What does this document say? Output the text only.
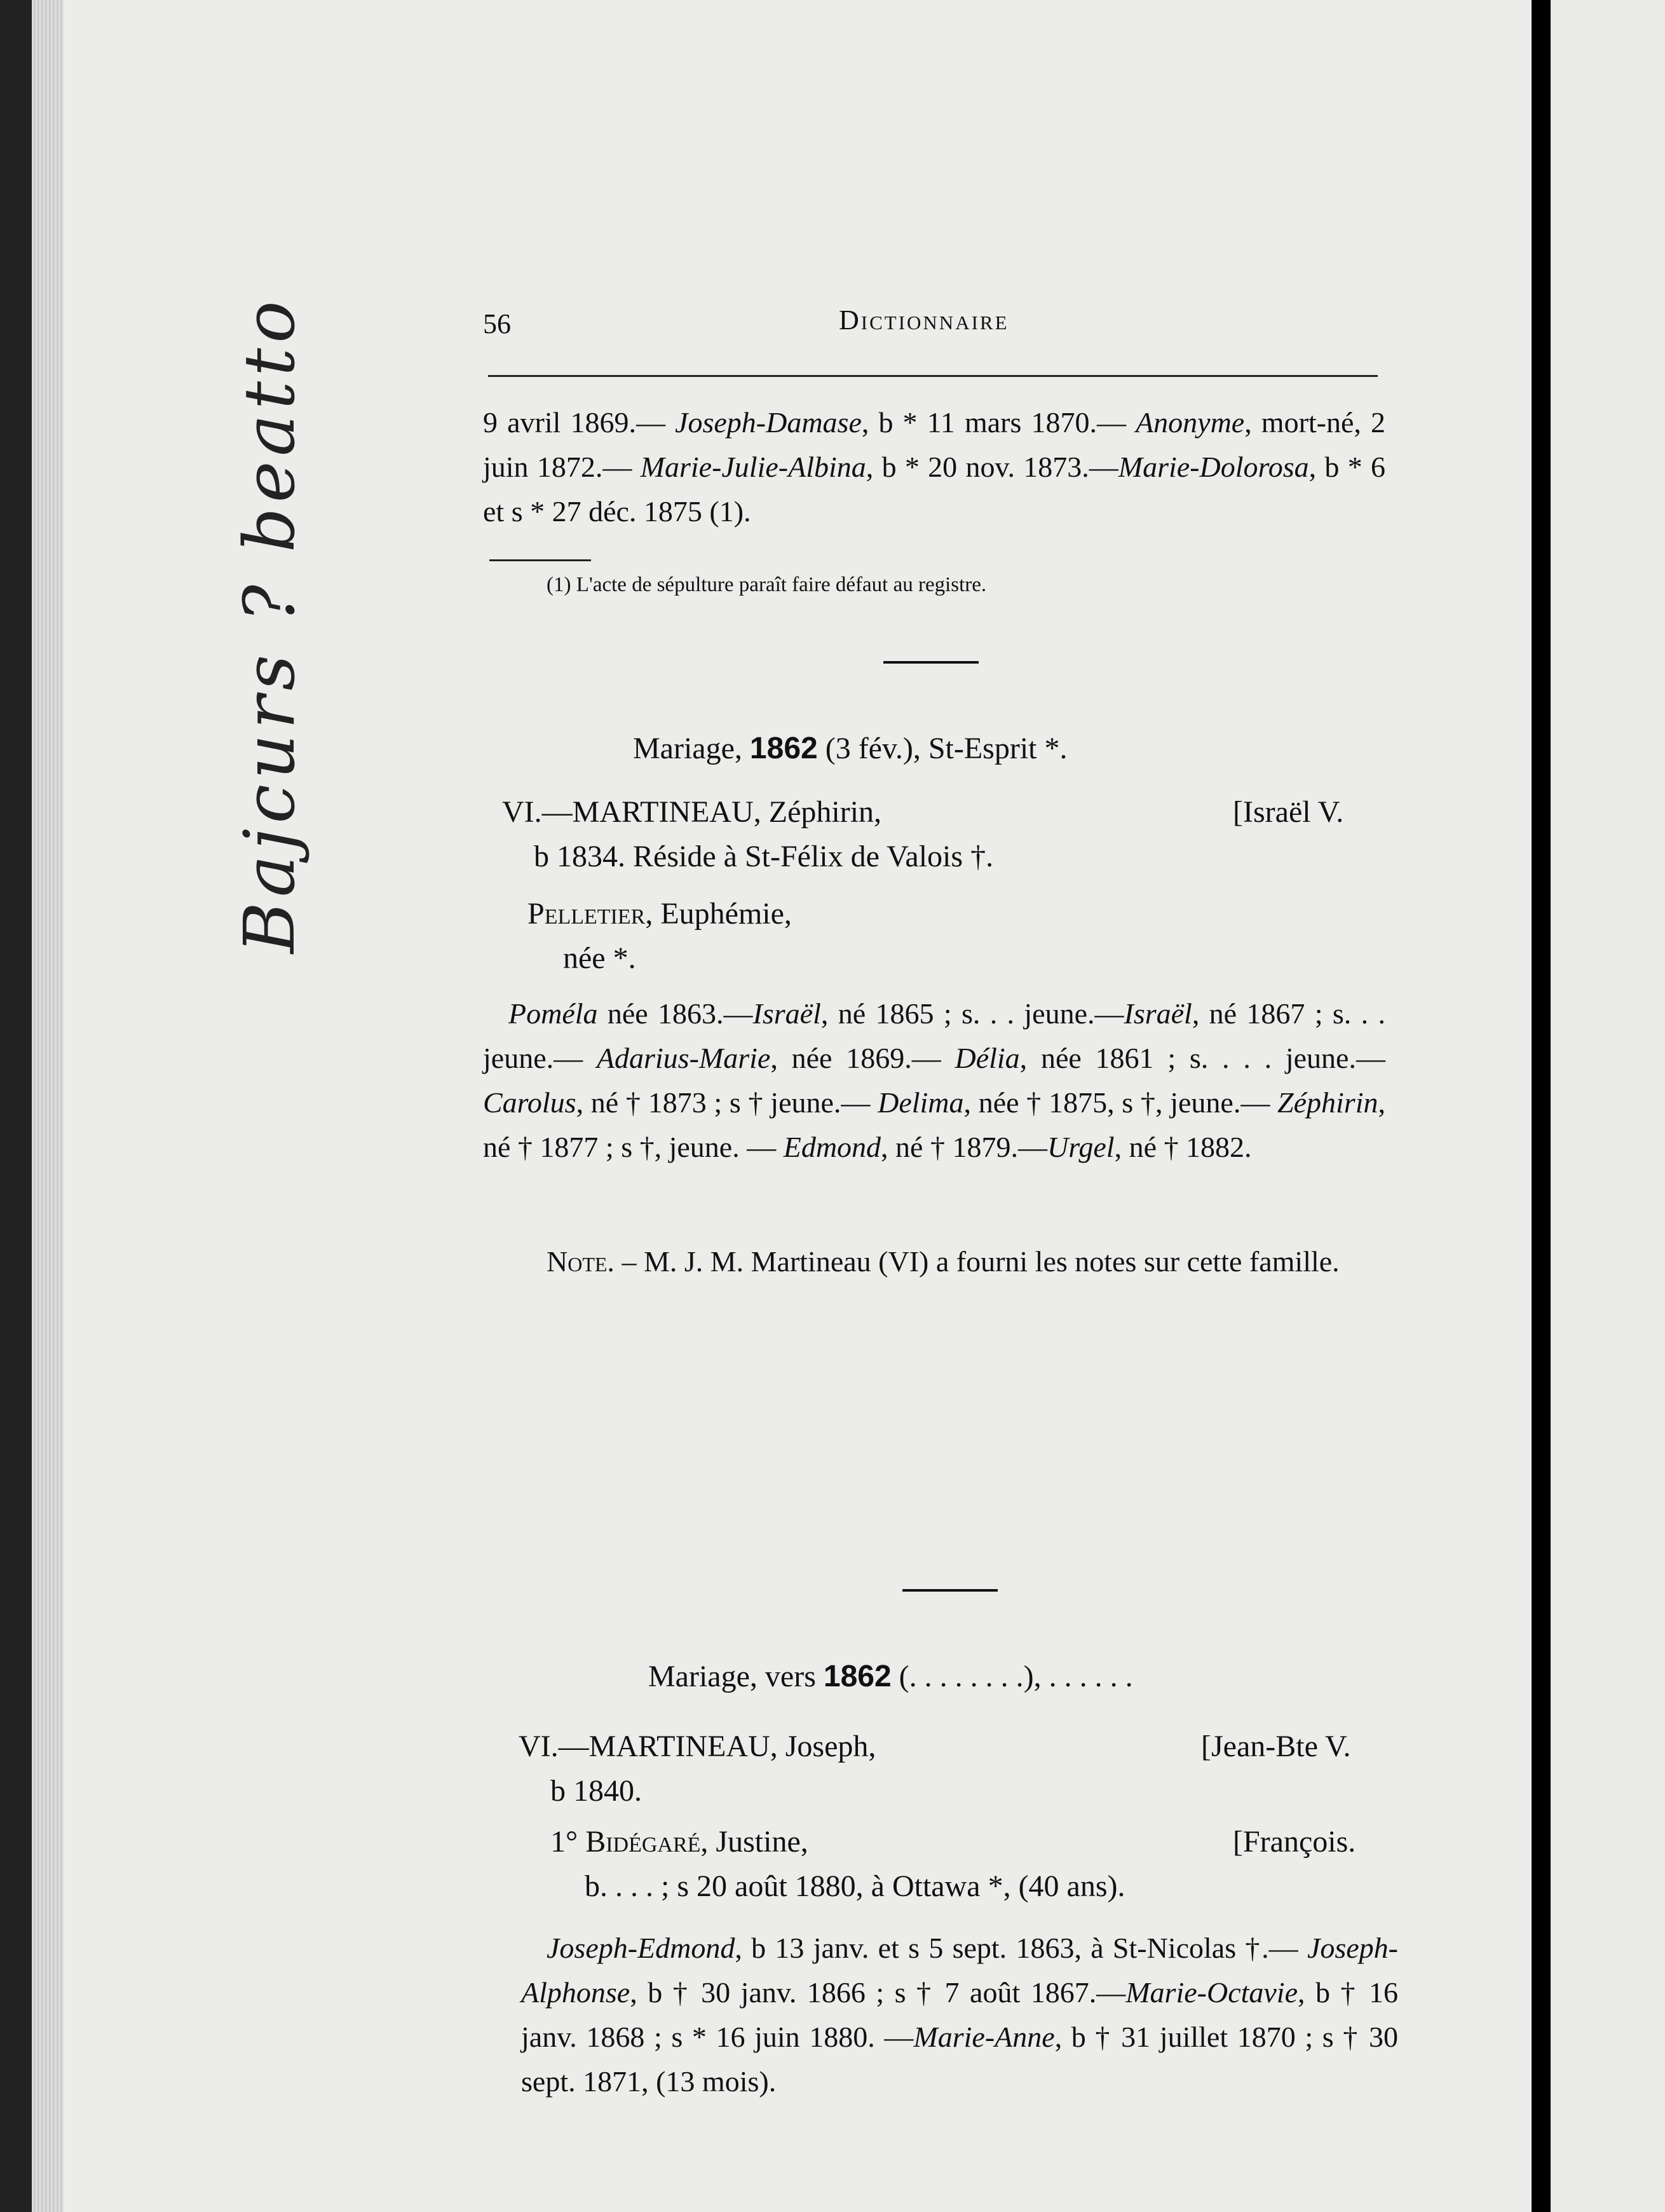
Bajcurs ? beatto	56	Dictionnaire

9 avril 1869.— Joseph-Damase, b * 11 mars 1870.— Anonyme, mort-né, 2 juin 1872.— Marie-Julie-Albina, b * 20 nov. 1873.—Marie-Dolorosa, b * 6 et s * 27 déc. 1875 (1).

(1) L'acte de sépulture paraît faire défaut au registre.
Mariage, 1862 (3 fév.), St-Esprit *.
VI.—MARTINEAU, Zéphirin,	[Israël V.
b 1834. Réside à St-Félix de Valois †.
Pelletier, Euphémie,
née *.

Poméla née 1863.—Israël, né 1865 ; s. . . jeune.—Israël, né 1867 ; s. . . jeune.— Adarius-Marie, née 1869.— Délia, née 1861 ; s. . . . jeune.—Carolus, né † 1873 ; s † jeune.— Delima, née † 1875, s †, jeune.— Zéphirin, né † 1877 ; s †, jeune. — Edmond, né † 1879.—Urgel, né † 1882.

Note. – M. J. M. Martineau (VI) a fourni les notes sur cette famille.

Mariage, vers 1862 (. . . . . . . .), . . . . . .
VI.—MARTINEAU, Joseph,	[Jean-Bte V.
b 1840.
1° Bidégaré, Justine,	[François.
b. . . . ; s 20 août 1880, à Ottawa *, (40 ans).

Joseph-Edmond, b 13 janv. et s 5 sept. 1863, à St-Nicolas †.— Joseph-Alphonse, b † 30 janv. 1866 ; s † 7 août 1867.—Marie-Octavie, b † 16 janv. 1868 ; s * 16 juin 1880. —Marie-Anne, b † 31 juillet 1870 ; s † 30 sept. 1871, (13 mois).
